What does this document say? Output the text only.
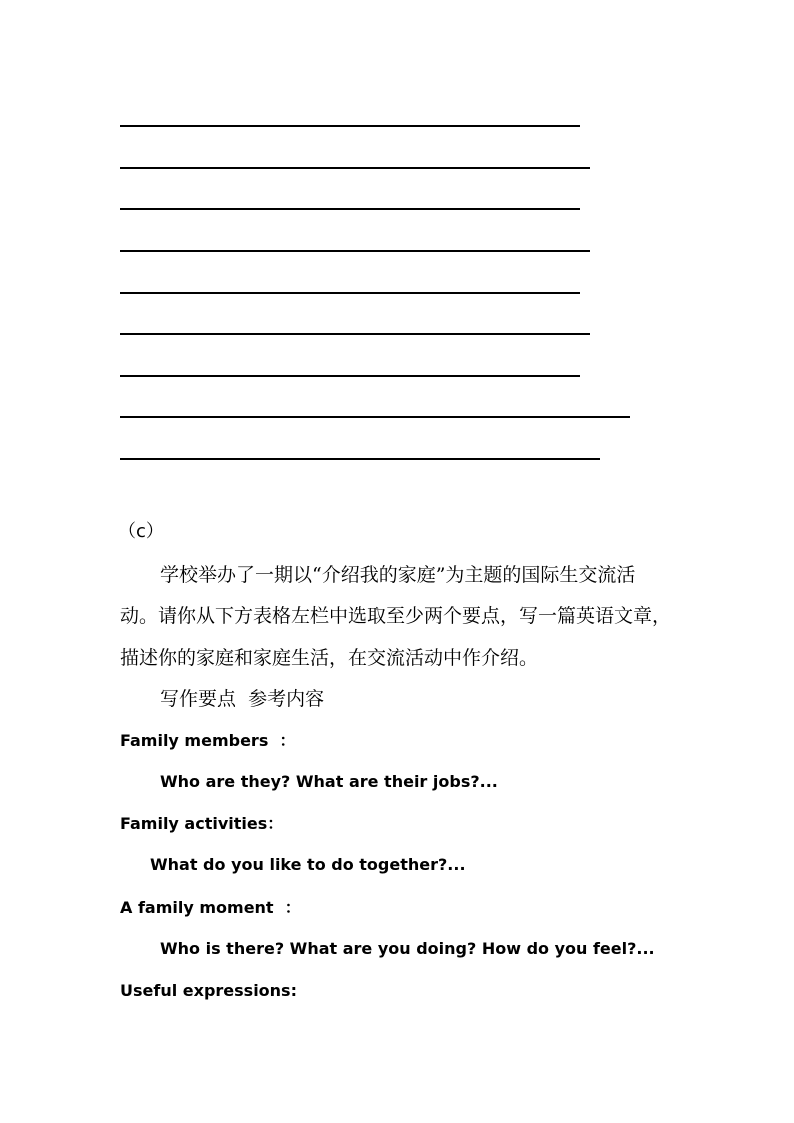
（c）
学校举办了一期以“介绍我的家庭”为主题的国际生交流活
动。请你从下方表格左栏中选取至少两个要点，写一篇英语文章，
描述你的家庭和家庭生活，在交流活动中作介绍。
写作要点  参考内容
Family members  ：
Who are they? What are their jobs?...
Family activities：
What do you like to do together?...
A family moment  ：
Who is there? What are you doing? How do you feel?...
Useful expressions:
